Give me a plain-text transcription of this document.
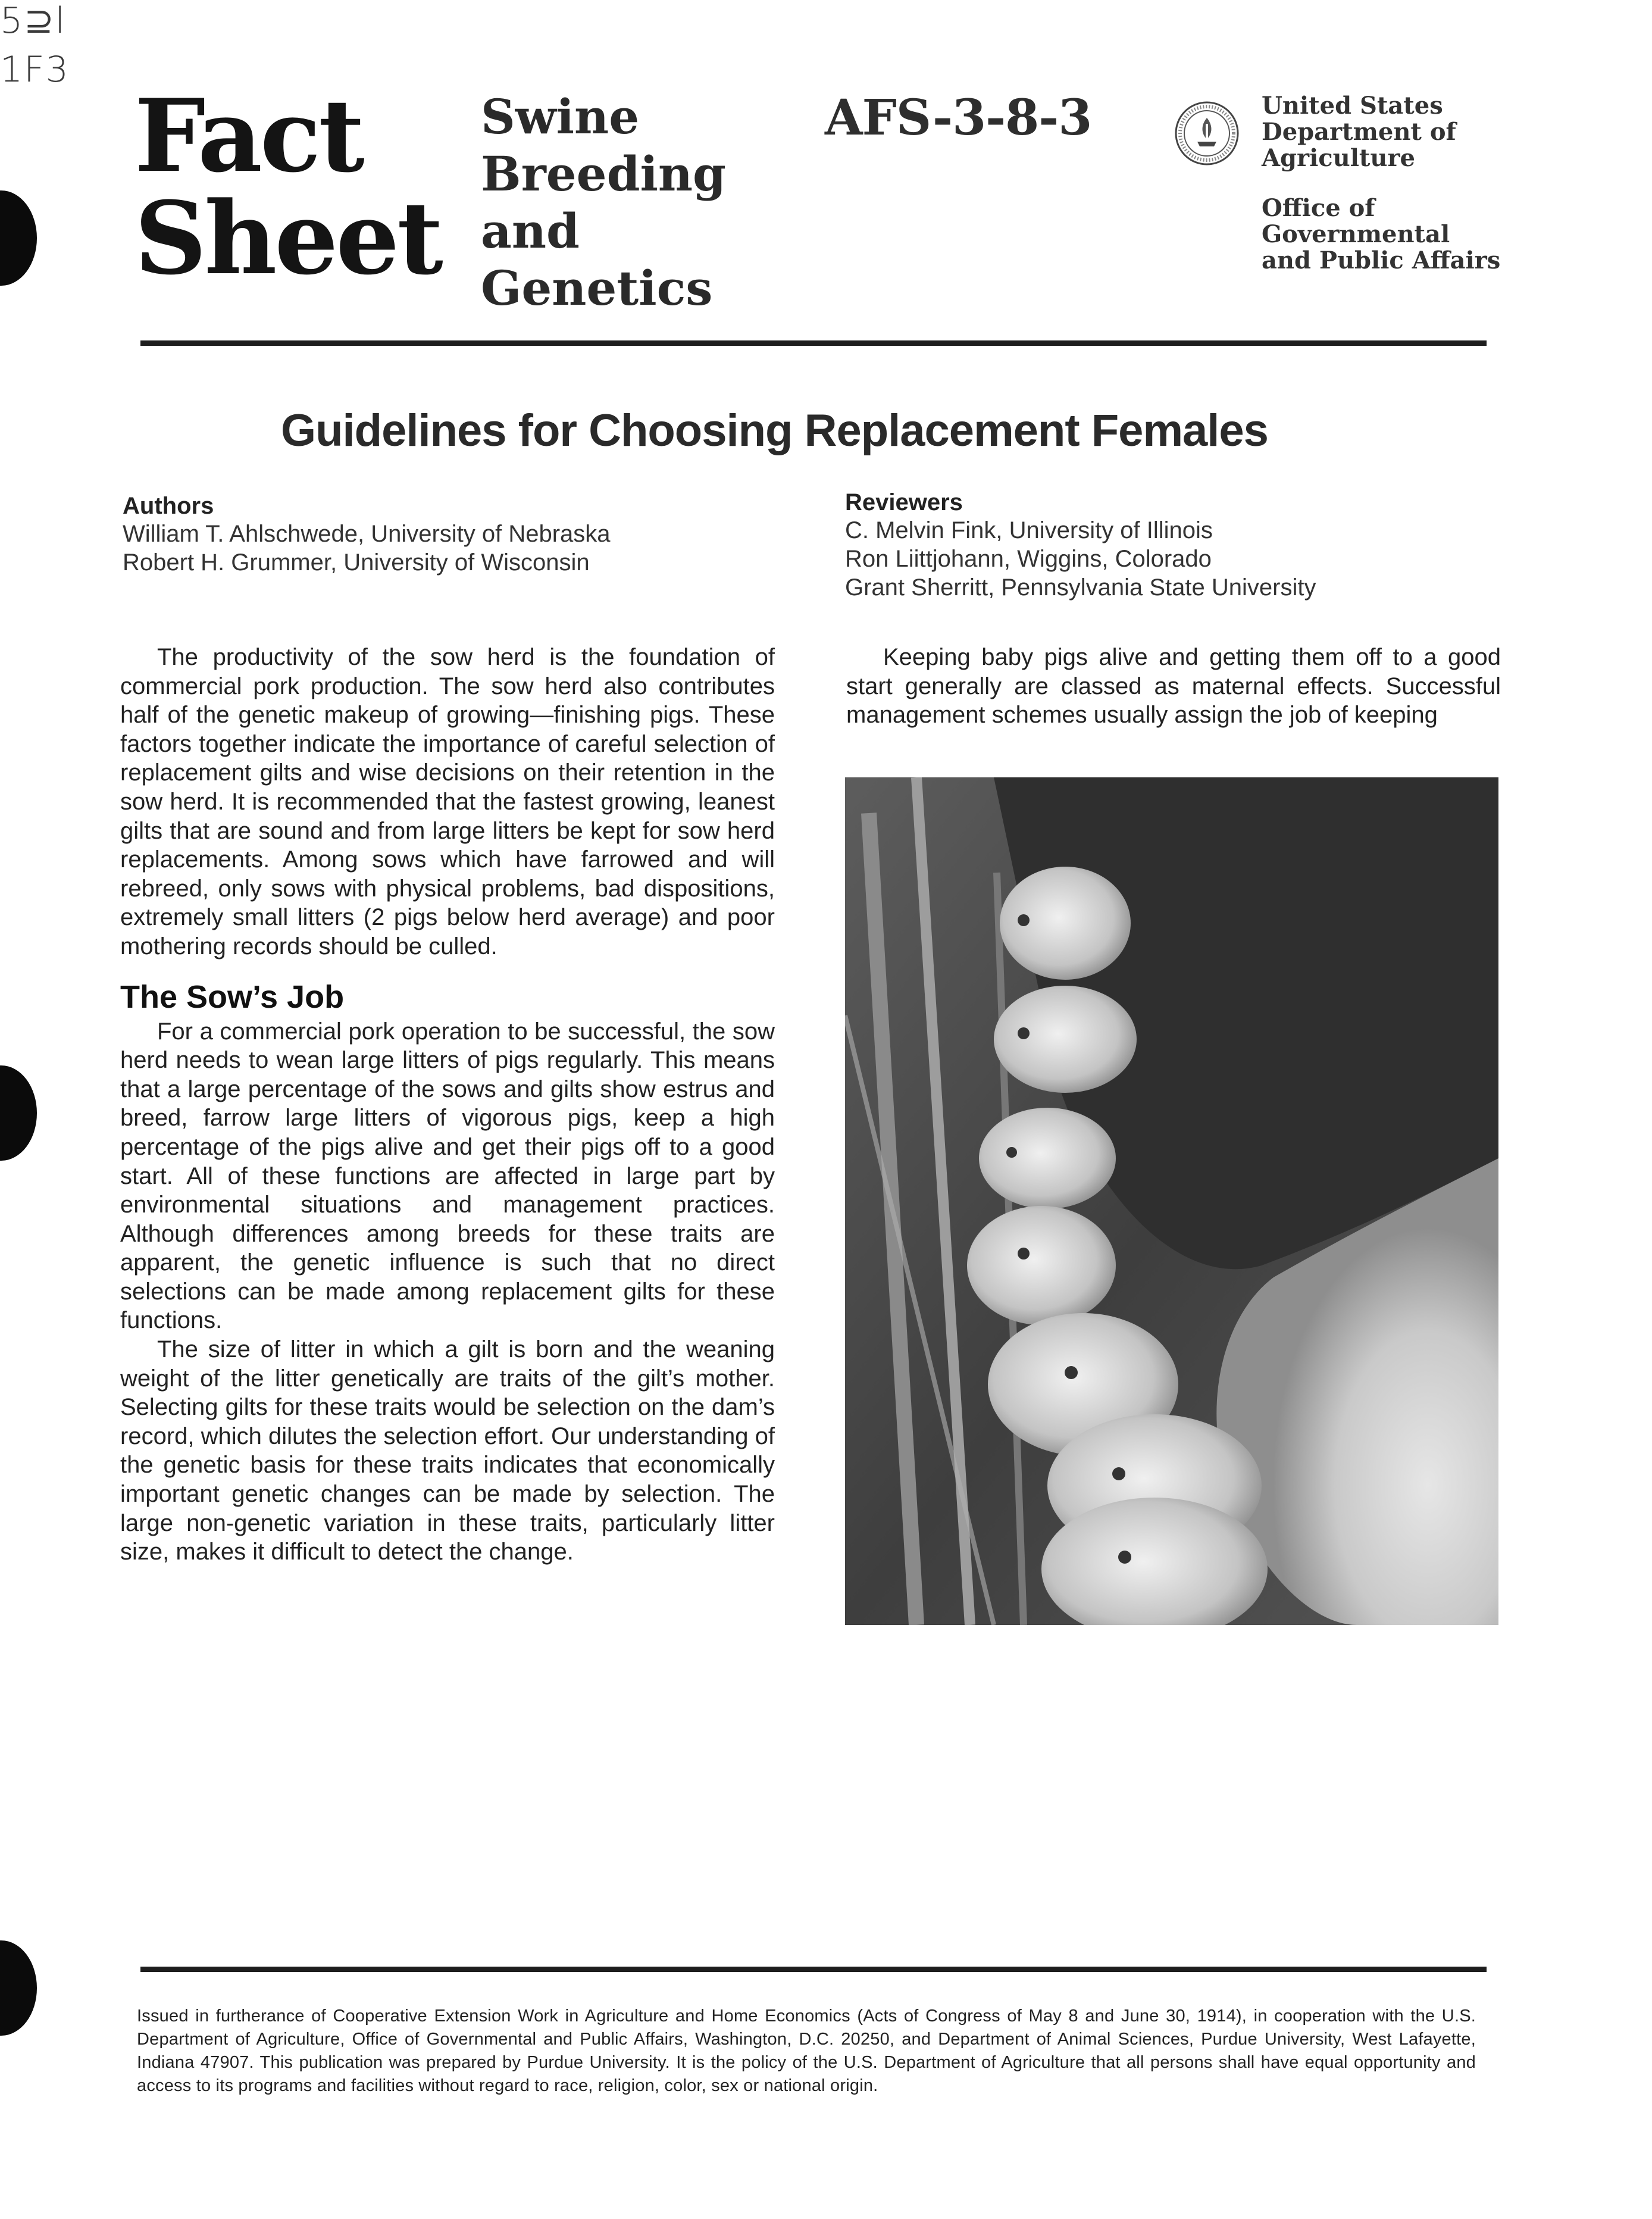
5⊇l
1F3
Fact
Sheet
Swine
Breeding
and
Genetics
AFS-3-8-3	United States
Department of
Agriculture
Office of
Governmental
and Public Affairs
Guidelines for Choosing Replacement Females
Authors
William T. Ahlschwede, University of Nebraska
Robert H. Grummer, University of Wisconsin
Reviewers
C. Melvin Fink, University of Illinois
Ron Liittjohann, Wiggins, Colorado
Grant Sherritt, Pennsylvania State University

The productivity of the sow herd is the foundation of commercial pork production. The sow herd also contributes half of the genetic makeup of growing—finishing pigs. These factors together indicate the importance of careful selection of replacement gilts and wise decisions on their retention in the sow herd. It is recommended that the fastest growing, leanest gilts that are sound and from large litters be kept for sow herd replacements. Among sows which have farrowed and will rebreed, only sows with physical problems, bad dispositions, extremely small litters (2 pigs below herd average) and poor mothering records should be culled.

The Sow’s Job

For a commercial pork operation to be successful, the sow herd needs to wean large litters of pigs regularly. This means that a large percentage of the sows and gilts show estrus and breed, farrow large litters of vigorous pigs, keep a high percentage of the pigs alive and get their pigs off to a good start. All of these functions are affected in large part by environmental situations and management practices. Although differences among breeds for these traits are apparent, the genetic influence is such that no direct selections can be made among replacement gilts for these functions.

The size of litter in which a gilt is born and the weaning weight of the litter genetically are traits of the gilt’s mother. Selecting gilts for these traits would be selection on the dam’s record, which dilutes the selection effort. Our understanding of the genetic basis for these traits indicates that economically important genetic changes can be made by selection. The large non-genetic variation in these traits, particularly litter size, makes it difficult to detect the change.

Keeping baby pigs alive and getting them off to a good start generally are classed as maternal effects. Successful management schemes usually assign the job of keeping

Issued in furtherance of Cooperative Extension Work in Agriculture and Home Economics (Acts of Congress of May 8 and June 30, 1914), in cooperation with the U.S. Department of Agriculture, Office of Governmental and Public Affairs, Washington, D.C. 20250, and Department of Animal Sciences, Purdue University, West Lafayette, Indiana 47907. This publication was prepared by Purdue University. It is the policy of the U.S. Department of Agriculture that all persons shall have equal opportunity and access to its programs and facilities without regard to race, religion, color, sex or national origin.
